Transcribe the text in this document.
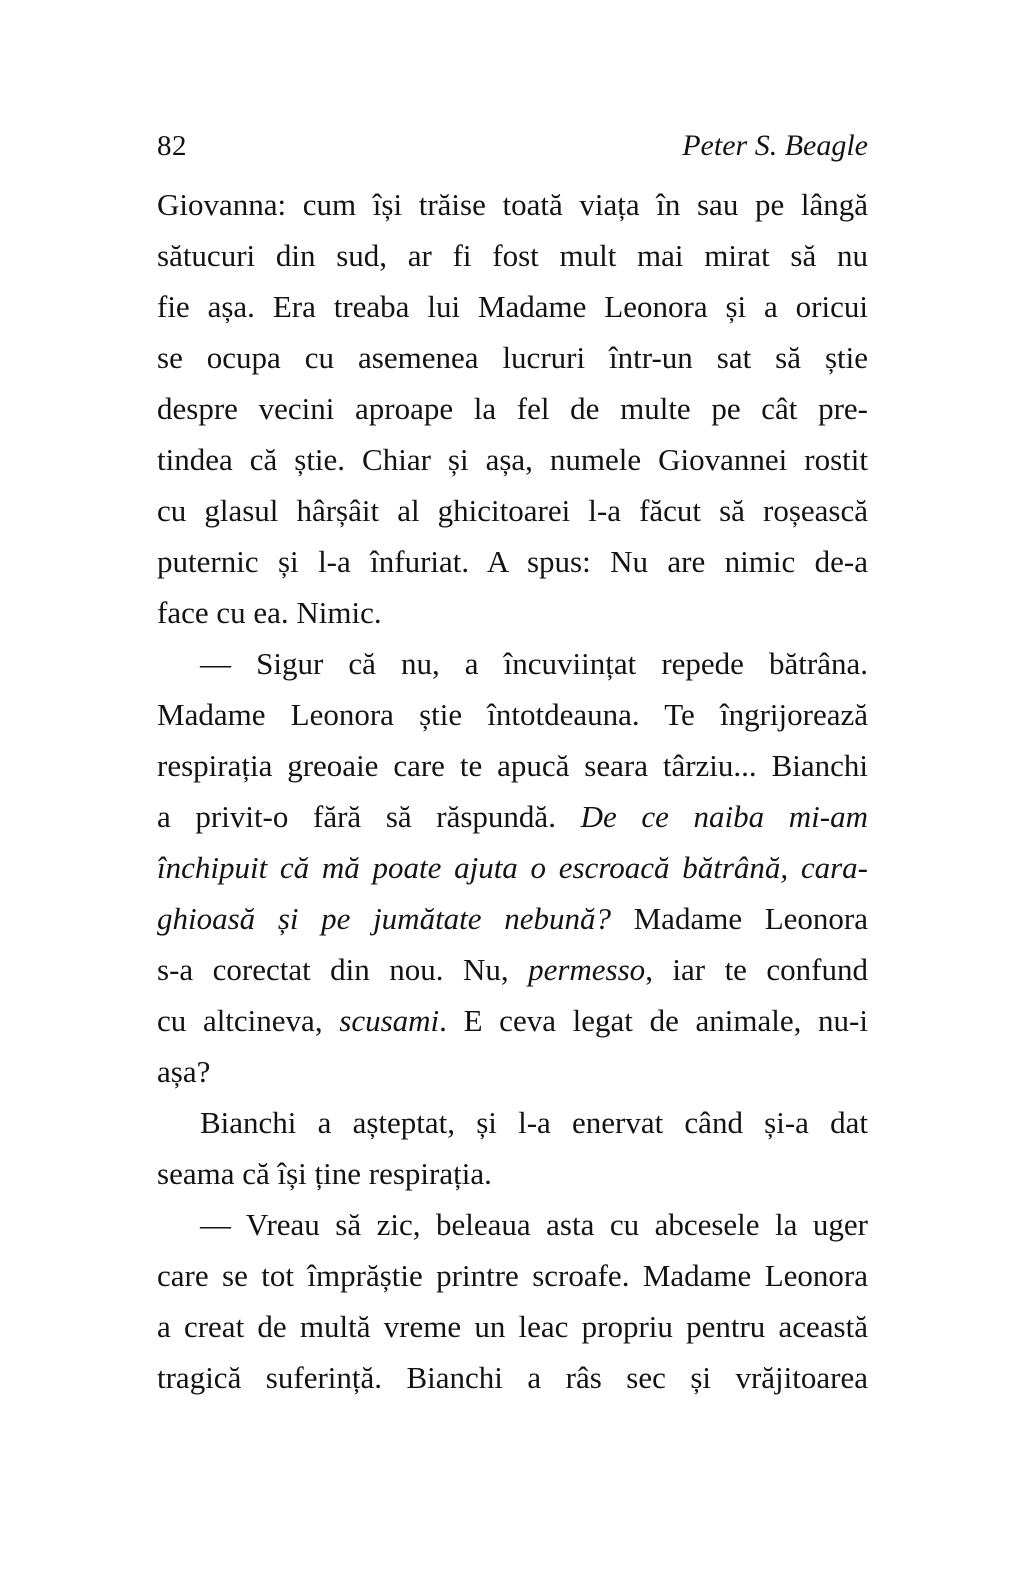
82	Peter S. Beagle
Giovanna: cum își trăise toată viața în sau pe lângă
sătucuri din sud, ar fi fost mult mai mirat să nu
fie așa. Era treaba lui Madame Leonora și a oricui
se ocupa cu asemenea lucruri într-un sat să știe
despre vecini aproape la fel de multe pe cât pre-
tindea că știe. Chiar și așa, numele Giovannei rostit
cu glasul hârșâit al ghicitoarei l-a făcut să roșească
puternic și l-a înfuriat. A spus: Nu are nimic de-a
face cu ea. Nimic.
— Sigur că nu, a încuviințat repede bătrâna.
Madame Leonora știe întotdeauna. Te îngrijorează
respirația greoaie care te apucă seara târziu... Bianchi
a privit-o fără să răspundă. De ce naiba mi-am
închipuit că mă poate ajuta o escroacă bătrână, cara-
ghioasă și pe jumătate nebună? Madame Leonora
s-a corectat din nou. Nu, permesso, iar te confund
cu altcineva, scusami. E ceva legat de animale, nu-i
așa?
Bianchi a așteptat, și l-a enervat când și-a dat
seama că își ține respirația.
— Vreau să zic, beleaua asta cu abcesele la uger
care se tot împrăștie printre scroafe. Madame Leonora
a creat de multă vreme un leac propriu pentru această
tragică suferință. Bianchi a râs sec și vrăjitoarea
